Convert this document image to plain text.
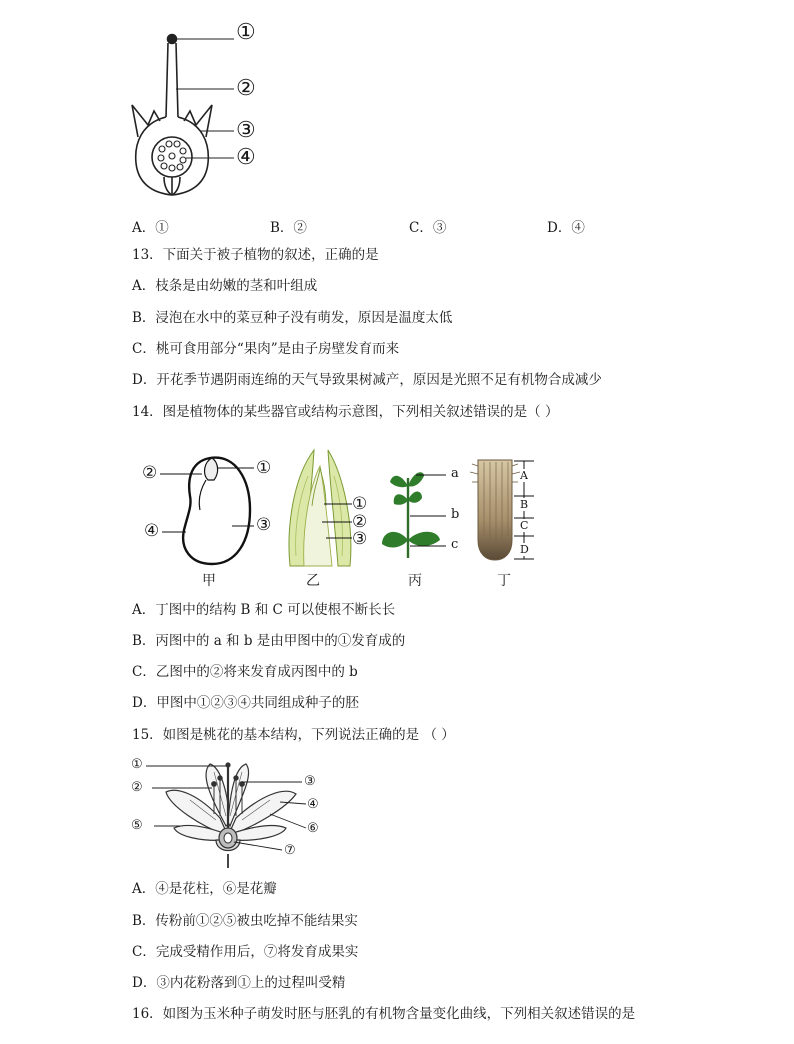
①
②
③
④
A．①	B．②	C．③	D．④
13．下面关于被子植物的叙述，正确的是
A．枝条是由幼嫩的茎和叶组成
B．浸泡在水中的菜豆种子没有萌发，原因是温度太低
C．桃可食用部分“果肉”是由子房壁发育而来
D．开花季节遇阴雨连绵的天气导致果树减产，原因是光照不足有机物合成减少
14．图是植物体的某些器官或结构示意图，下列相关叙述错误的是（ ）
②	①
④	③
甲
①
②
③
乙
a
b
c
丙
A
B
C
D
丁
A．丁图中的结构 B 和 C 可以使根不断长长
B．丙图中的 a 和 b 是由甲图中的①发育成的
C．乙图中的②将来发育成丙图中的 b
D．甲图中①②③④共同组成种子的胚
15．如图是桃花的基本结构，下列说法正确的是 （ ）
①
②	③
④
⑤	⑥
⑦
A．④是花柱，⑥是花瓣
B．传粉前①②⑤被虫吃掉不能结果实
C．完成受精作用后，⑦将发育成果实
D．③内花粉落到①上的过程叫受精
16．如图为玉米种子萌发时胚与胚乳的有机物含量变化曲线，下列相关叙述错误的是
